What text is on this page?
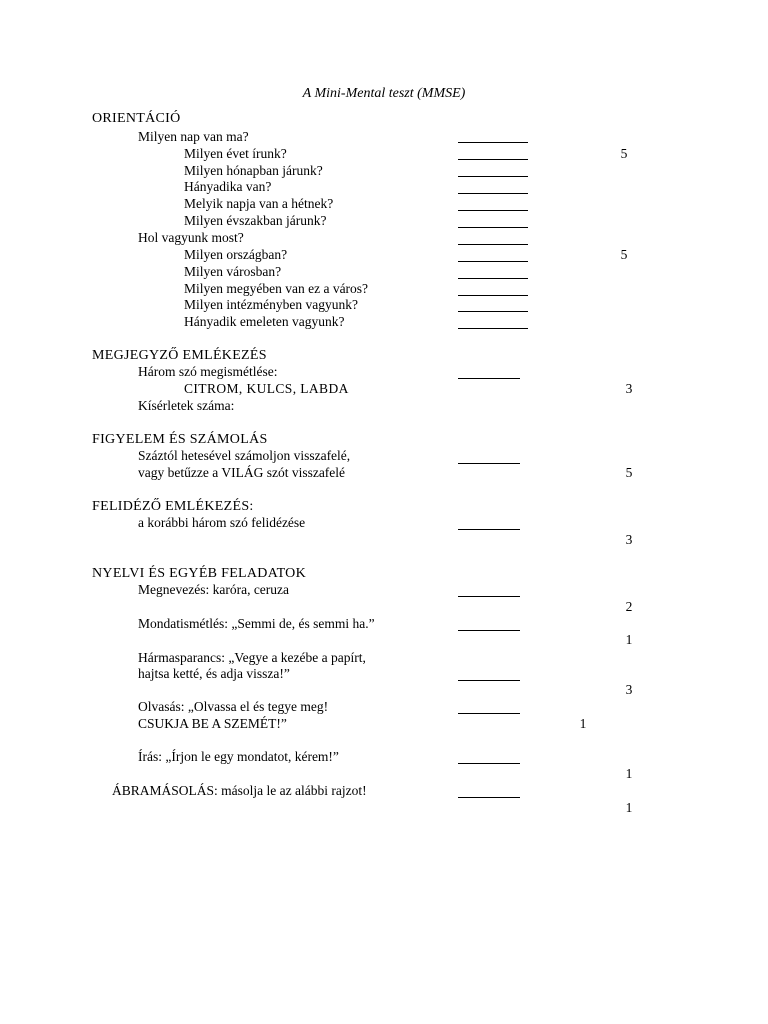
A Mini-Mental teszt (MMSE)
ORIENTÁCIÓ
Milyen nap van ma?
Milyen évet írunk?	5
Milyen hónapban járunk?
Hányadika van?
Melyik napja van a hétnek?
Milyen évszakban járunk?
Hol vagyunk most?
Milyen országban?	5
Milyen városban?
Milyen megyében van ez a város?
Milyen intézményben vagyunk?
Hányadik emeleten vagyunk?
MEGJEGYZŐ EMLÉKEZÉS
Három szó megismétlése:
CITROM, KULCS, LABDA	3
Kísérletek száma:
FIGYELEM ÉS SZÁMOLÁS
Száztól hetesével számoljon visszafelé,
vagy betűzze a VILÁG szót visszafelé	5
FELIDÉZŐ EMLÉKEZÉS:
a korábbi három szó felidézése
3
NYELVI ÉS EGYÉB FELADATOK
Megnevezés: karóra, ceruza
2
Mondatismétlés: „Semmi de, és semmi ha.”
1
Hármasparancs: „Vegye a kezébe a papírt,
hajtsa ketté, és adja vissza!”
3
Olvasás: „Olvassa el és tegye meg!
CSUKJA BE A SZEMÉT!”	1
Írás: „Írjon le egy mondatot, kérem!”
1
ÁBRAMÁSOLÁS: másolja le az alábbi rajzot!
1
